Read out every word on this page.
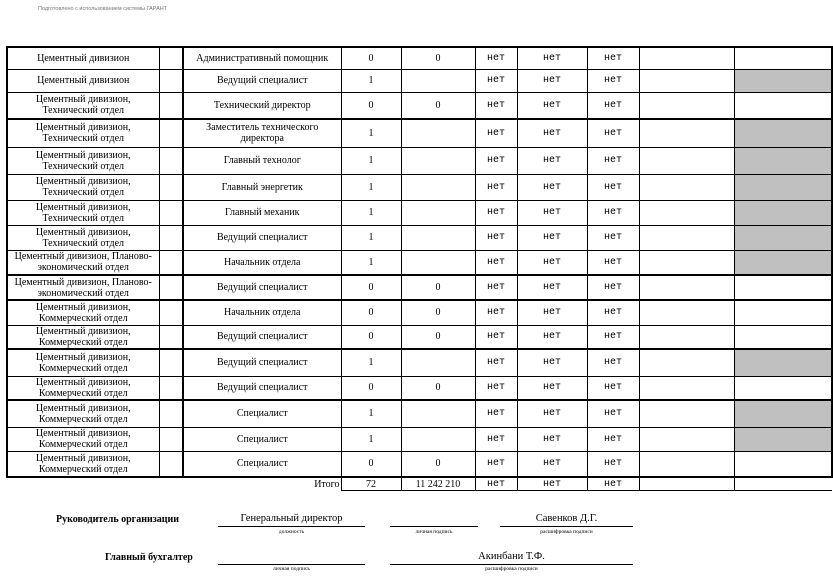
Подготовлено с использованием системы ГАРАНТ
Цементный дивизион		Административный помощник	0	0	нет	нет	нет		
Цементный дивизион		Ведущий специалист	1		нет	нет	нет		
Цементный дивизион, Технический отдел		Технический директор	0	0	нет	нет	нет		
Цементный дивизион, Технический отдел		Заместитель технического директора	1		нет	нет	нет		
Цементный дивизион, Технический отдел		Главный технолог	1		нет	нет	нет		
Цементный дивизион, Технический отдел		Главный энергетик	1		нет	нет	нет		
Цементный дивизион, Технический отдел		Главный механик	1		нет	нет	нет		
Цементный дивизион, Технический отдел		Ведущий специалист	1		нет	нет	нет		
Цементный дивизион, Планово-экономический отдел		Начальник отдела	1		нет	нет	нет		
Цементный дивизион, Планово-экономический отдел		Ведущий специалист	0	0	нет	нет	нет		
Цементный дивизион, Коммерческий отдел		Начальник отдела	0	0	нет	нет	нет		
Цементный дивизион, Коммерческий отдел		Ведущий специалист	0	0	нет	нет	нет		
Цементный дивизион, Коммерческий отдел		Ведущий специалист	1		нет	нет	нет		
Цементный дивизион, Коммерческий отдел		Ведущий специалист	0	0	нет	нет	нет		
Цементный дивизион, Коммерческий отдел		Специалист	1		нет	нет	нет		
Цементный дивизион, Коммерческий отдел		Специалист	1		нет	нет	нет		
Цементный дивизион, Коммерческий отдел		Специалист	0	0	нет	нет	нет		
		Итого	72	11 242 210	нет	нет	нет		
Руководитель организации	Генеральный директор
должность	личная подпись
Савенков Д.Г.
расшифровка подписи
Главный бухгалтер
личная подпись
Акинбани Т.Ф.
расшифровка подписи
